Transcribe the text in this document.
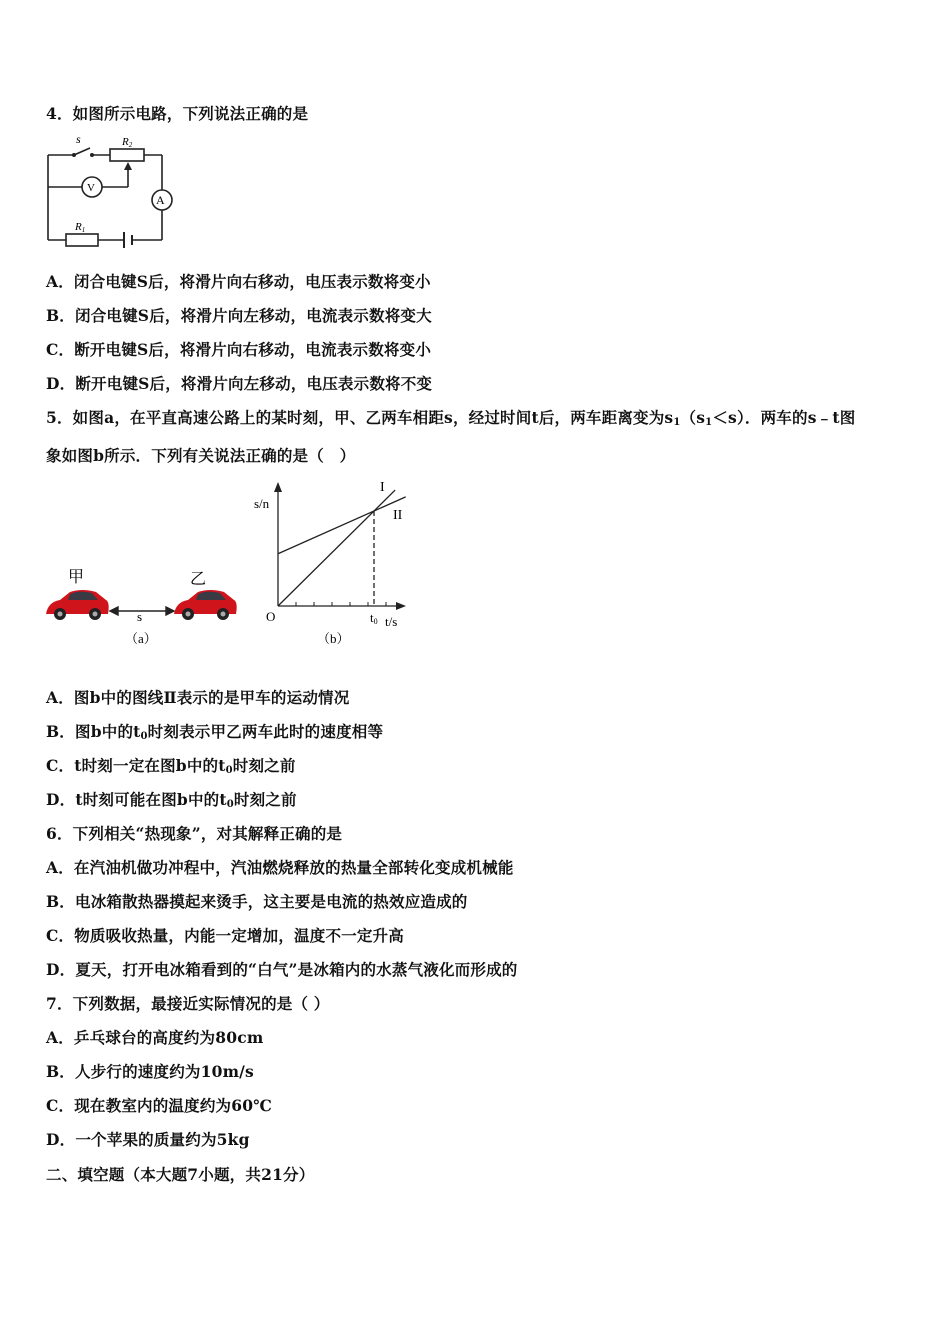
4．如图所示电路，下列说法正确的是
s	R2
V
A
R1
A．闭合电键S后，将滑片向右移动，电压表示数将变小
B．闭合电键S后，将滑片向左移动，电流表示数将变大
C．断开电键S后，将滑片向右移动，电流表示数将变小
D．断开电键S后，将滑片向左移动，电压表示数将不变
5．如图a，在平直高速公路上的某时刻，甲、乙两车相距s，经过时间t后，两车距离变为$s_1(s_1<s)$．两车的s﹣t图
象如图b所示．下列有关说法正确的是（　）
甲	乙
s
（a）
s/n
I
II
O	t0 t/s
（b）
A．图b中的图线Ⅱ表示的是甲车的运动情况
B．图b中的$t_0$时刻表示甲乙两车此时的速度相等
C．t时刻一定在图b中的$t_0$时刻之前
D．t时刻可能在图b中的$t_0$时刻之前
6．下列相关“热现象”，对其解释正确的是
A．在汽油机做功冲程中，汽油燃烧释放的热量全部转化变成机械能
B．电冰箱散热器摸起来烫手，这主要是电流的热效应造成的
C．物质吸收热量，内能一定增加，温度不一定升高
D．夏天，打开电冰箱看到的“白气”是冰箱内的水蒸气液化而形成的
7．下列数据，最接近实际情况的是（ ）
A．乒乓球台的高度约为80cm
B．人步行的速度约为10m/s
C．现在教室内的温度约为60℃
D．一个苹果的质量约为5kg
二、填空题（本大题7小题，共21分）
